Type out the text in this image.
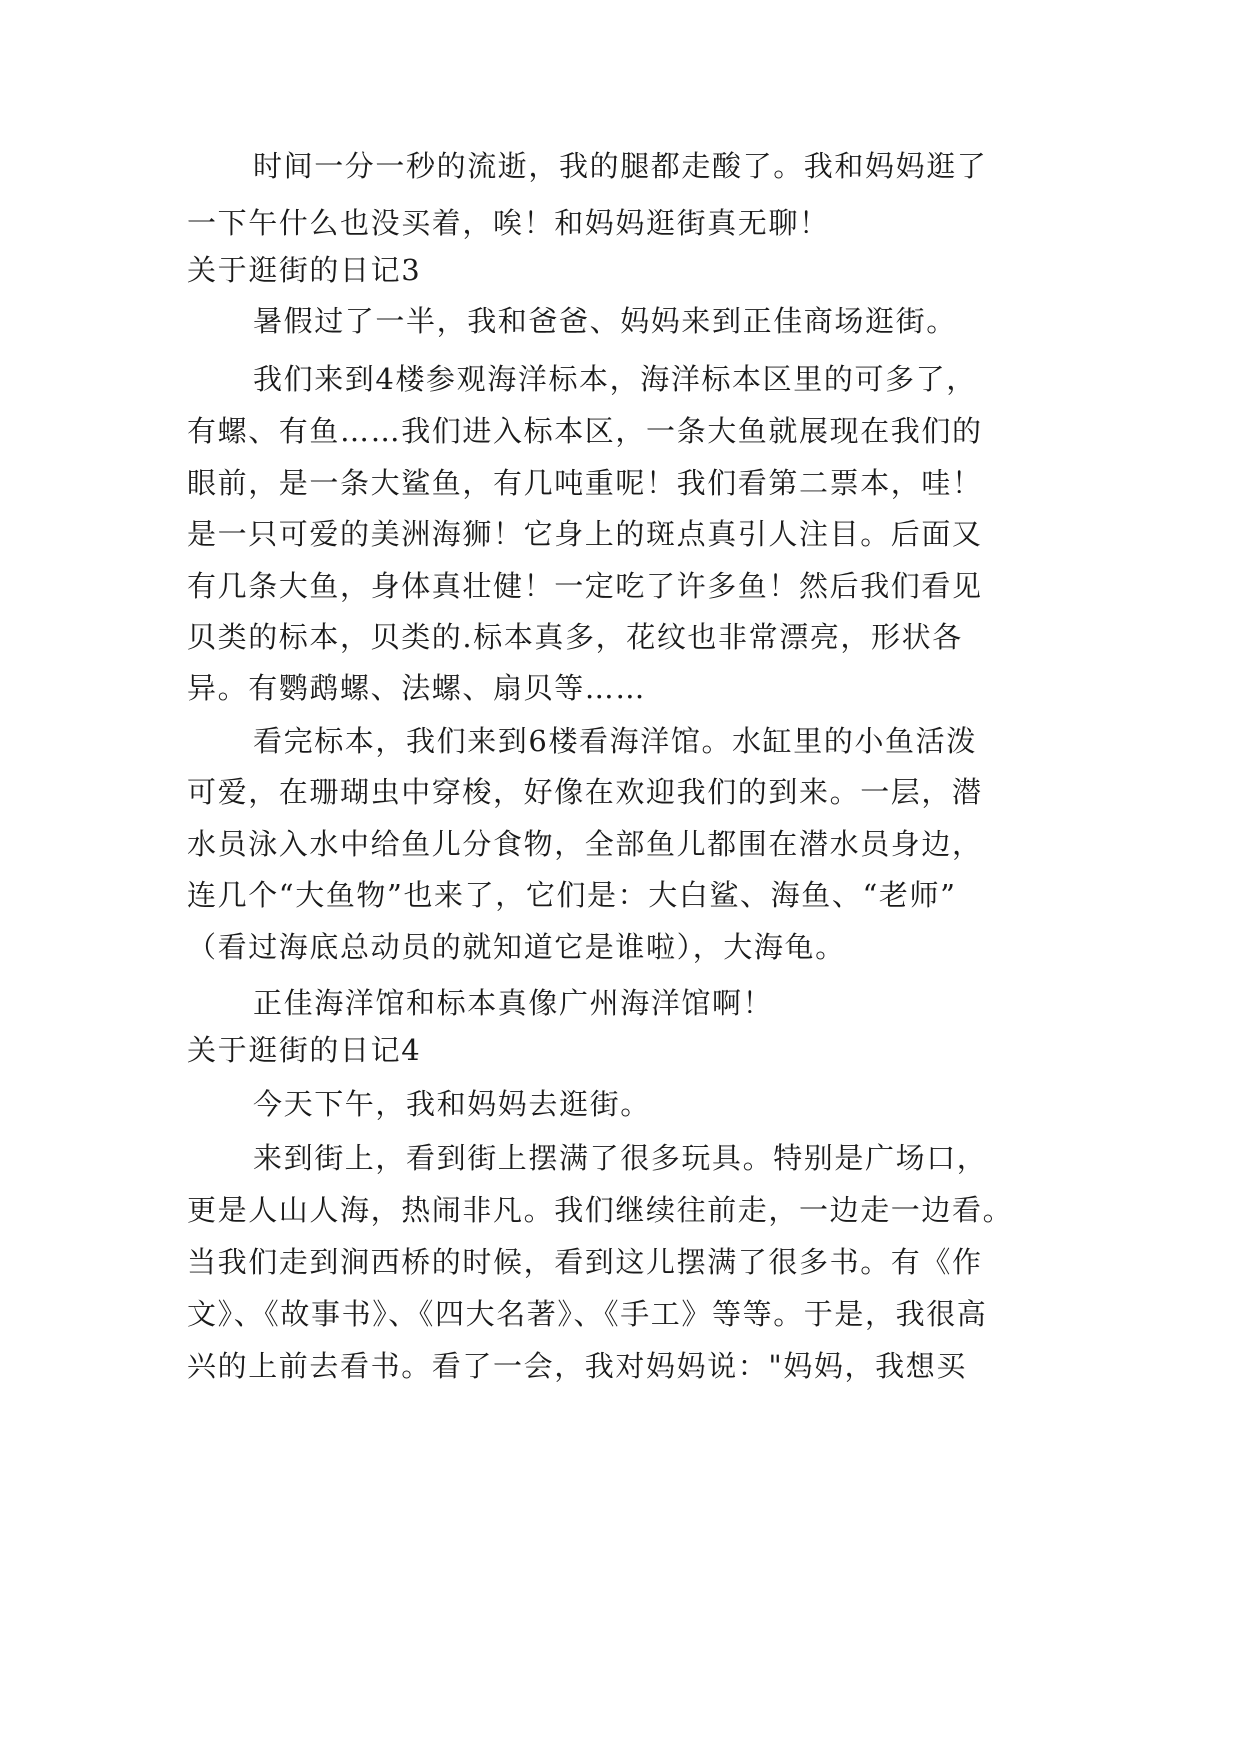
时间一分一秒的流逝，我的腿都走酸了。我和妈妈逛了
一下午什么也没买着，唉！和妈妈逛街真无聊！
关于逛街的日记3
暑假过了一半，我和爸爸、妈妈来到正佳商场逛街。
我们来到4楼参观海洋标本，海洋标本区里的可多了，
有螺、有鱼……我们进入标本区，一条大鱼就展现在我们的
眼前，是一条大鲨鱼，有几吨重呢！我们看第二票本，哇！
是一只可爱的美洲海狮！它身上的斑点真引人注目。后面又
有几条大鱼，身体真壮健！一定吃了许多鱼！然后我们看见
贝类的标本，贝类的.标本真多，花纹也非常漂亮，形状各
异。有鹦鹉螺、法螺、扇贝等……
看完标本，我们来到6楼看海洋馆。水缸里的小鱼活泼
可爱，在珊瑚虫中穿梭，好像在欢迎我们的到来。一层，潜
水员泳入水中给鱼儿分食物，全部鱼儿都围在潜水员身边，
连几个“大鱼物”也来了，它们是：大白鲨、海鱼、“老师”
（看过海底总动员的就知道它是谁啦），大海龟。
正佳海洋馆和标本真像广州海洋馆啊！
关于逛街的日记4
今天下午，我和妈妈去逛街。
来到街上，看到街上摆满了很多玩具。特别是广场口，
更是人山人海，热闹非凡。我们继续往前走，一边走一边看。
当我们走到涧西桥的时候，看到这儿摆满了很多书。有《作
文》、《故事书》、《四大名著》、《手工》等等。于是，我很高
兴的上前去看书。看了一会，我对妈妈说："妈妈，我想买
